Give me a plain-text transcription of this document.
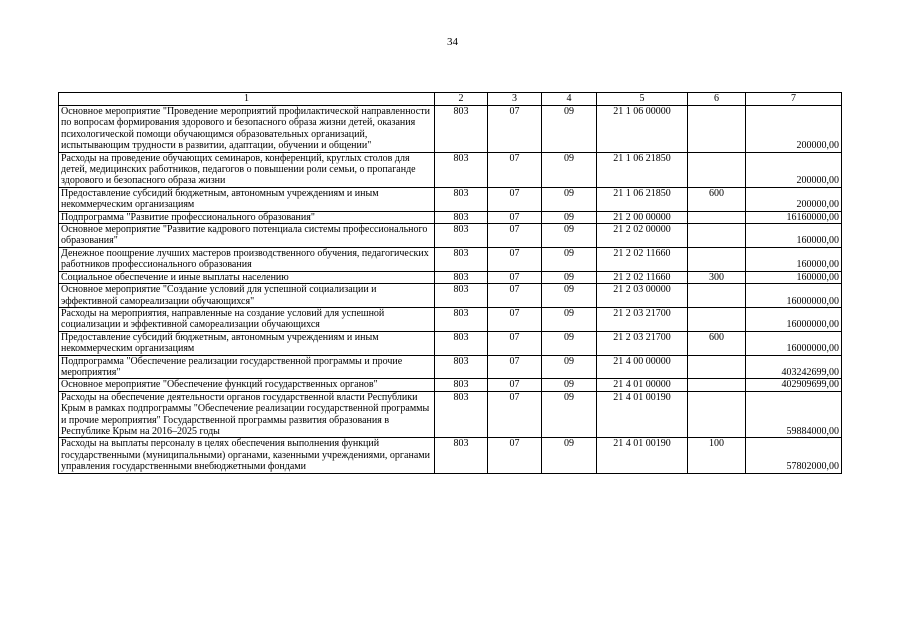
34
1	2	3	4	5	6	7
Основное мероприятие "Проведение мероприятий профилактической направленности по вопросам формирования здорового и безопасного образа жизни детей, оказания психологической помощи обучающимся образовательных организаций, испытывающим трудности в развитии, адаптации, обучении и общении"	803	07	09	21 1 06 00000		200000,00
Расходы на проведение обучающих семинаров, конференций, круглых столов для детей, медицинских работников, педагогов о повышении роли семьи, о пропаганде здорового и безопасного образа жизни	803	07	09	21 1 06 21850		200000,00
Предоставление субсидий бюджетным, автономным учреждениям и иным некоммерческим организациям	803	07	09	21 1 06 21850	600	200000,00
Подпрограмма "Развитие профессионального образования"	803	07	09	21 2 00 00000		16160000,00
Основное мероприятие "Развитие кадрового потенциала системы профессионального образования"	803	07	09	21 2 02 00000		160000,00
Денежное поощрение лучших мастеров производственного обучения, педагогических работников профессионального образования	803	07	09	21 2 02 11660		160000,00
Социальное обеспечение и иные выплаты населению	803	07	09	21 2 02 11660	300	160000,00
Основное мероприятие "Создание условий для успешной социализации и эффективной самореализации обучающихся"	803	07	09	21 2 03 00000		16000000,00
Расходы на мероприятия, направленные на создание условий для успешной социализации и эффективной самореализации обучающихся	803	07	09	21 2 03 21700		16000000,00
Предоставление субсидий бюджетным, автономным учреждениям и иным некоммерческим организациям	803	07	09	21 2 03 21700	600	16000000,00
Подпрограмма "Обеспечение реализации государственной программы и прочие мероприятия"	803	07	09	21 4 00 00000		403242699,00
Основное мероприятие "Обеспечение функций государственных органов"	803	07	09	21 4 01 00000		402909699,00
Расходы на обеспечение деятельности органов государственной власти Республики Крым в рамках подпрограммы "Обеспечение реализации государственной программы и прочие мероприятия" Государственной программы развития образования в Республике Крым на 2016–2025 годы	803	07	09	21 4 01 00190		59884000,00
Расходы на выплаты персоналу в целях обеспечения выполнения функций государственными (муниципальными) органами, казенными учреждениями, органами управления государственными внебюджетными фондами	803	07	09	21 4 01 00190	100	57802000,00
